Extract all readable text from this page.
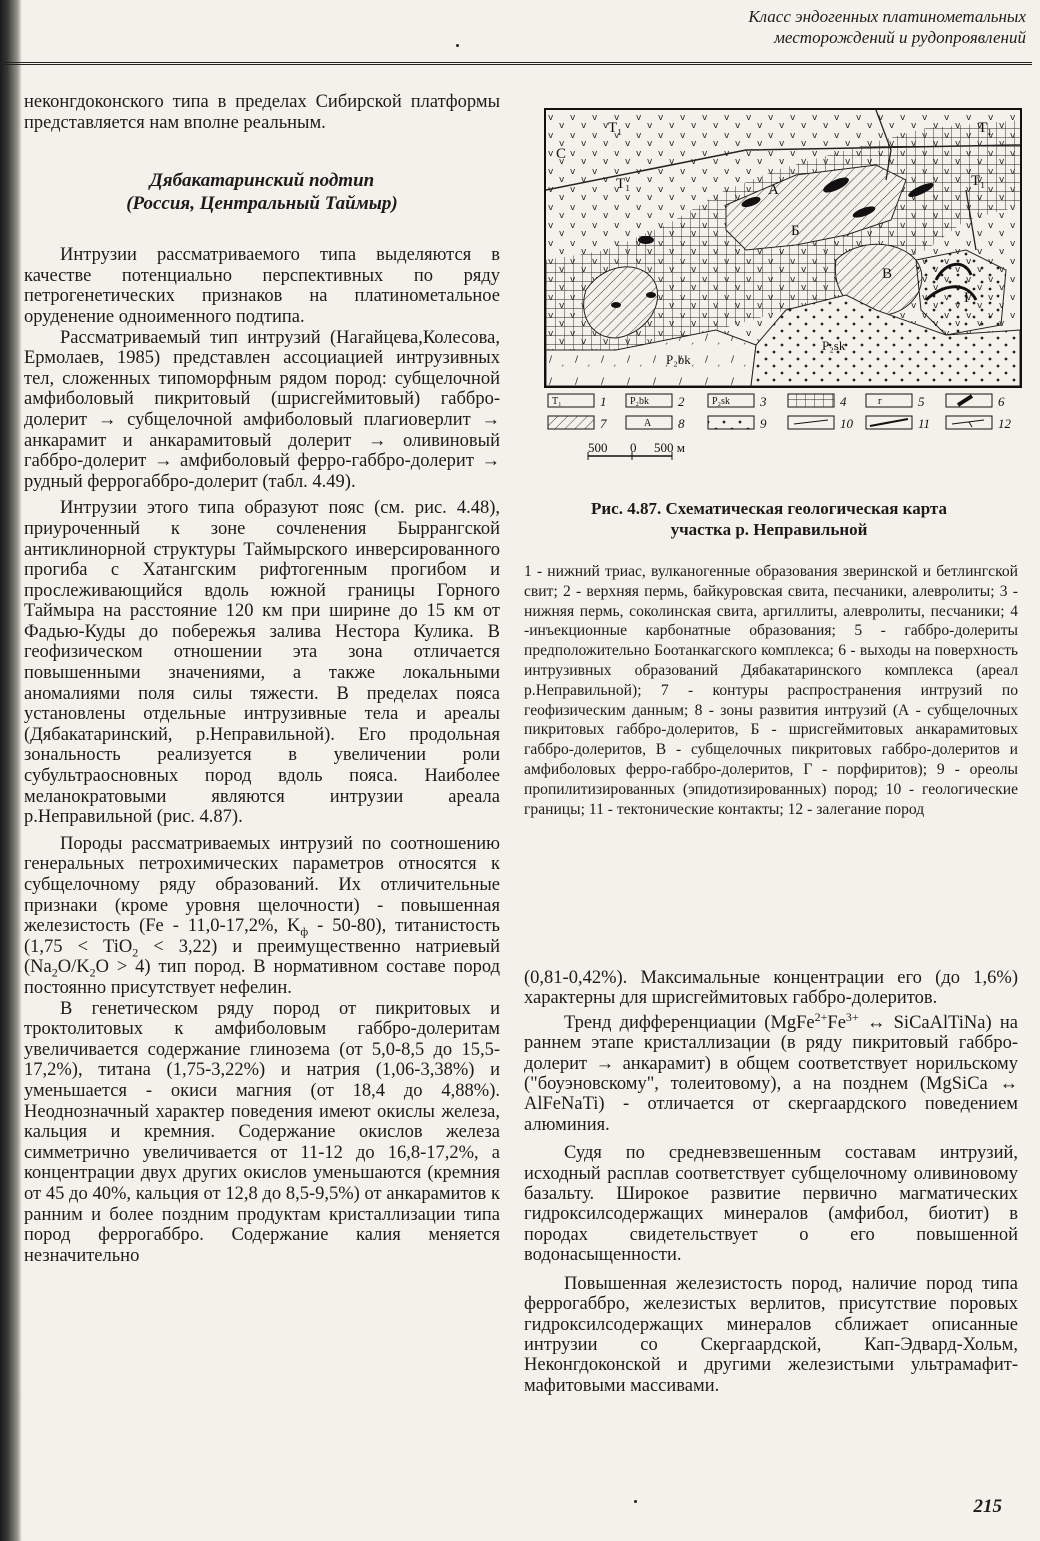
Класс эндогенных платинометальных
месторождений и рудопроявлений

неконгдоконского типа в пределах Сибирской платформы представляется нам вполне реальным.

Дябакатаринский подтип
(Россия, Центральный Таймыр)

Интрузии рассматриваемого типа выделяются в качестве потенциально перспективных по ряду петрогенетических признаков на платинометальное оруденение одноименного подтипа.

Рассматриваемый тип интрузий (Нагайцева,Колесова, Ермолаев, 1985) представлен ассоциацией интрузивных тел, сложенных типоморфным рядом пород: субщелочной амфиболовый пикритовый (шрисгеймитовый) габбро-долерит → субщелочной амфиболовый плагиоверлит → анкарамит и анкарамитовый долерит → оливиновый габбро-долерит → амфиболовый ферро-габбро-долерит → рудный феррогаббро-долерит (табл. 4.49).

Интрузии этого типа образуют пояс (см. рис. 4.48), приуроченный к зоне сочленения Быррангской антиклинорной структуры Таймырского инверсированного прогиба с Хатангским рифтогенным прогибом и прослеживающийся вдоль южной границы Горного Таймыра на расстояние 120 км при ширине до 15 км от Фадью-Куды до побережья залива Нестора Кулика. В геофизическом отношении эта зона отличается повышенными значениями, а также локальными аномалиями поля силы тяжести. В пределах пояса установлены отдельные интрузивные тела и ареалы (Дябакатаринский, р.Неправильной). Его продольная зональность реализуется в увеличении роли субультраосновных пород вдоль пояса. Наиболее меланократовыми являются интрузии ареала р.Неправильной (рис. 4.87).

Породы рассматриваемых интрузий по соотношению генеральных петрохимических параметров относятся к субщелочному ряду образований. Их отличительные признаки (кроме уровня щелочности) - повышенная железистость (Fe - 11,0-17,2%, $K_ф - 50-80$), титанистость (1,75 < TiO$_2$ < 3,22) и преимущественно натриевый $(Na_2O/K_2O > 4)$ тип пород. В нормативном составе пород постоянно присутствует нефелин.

В генетическом ряду пород от пикритовых и троктолитовых к амфиболовым габбро-долеритам увеличивается содержание глинозема (от 5,0-8,5 до 15,5-17,2%), титана (1,75-3,22%) и натрия (1,06-3,38%) и уменьшается - окиси магния (от 18,4 до 4,88%). Неоднозначный характер поведения имеют окислы железа, кальция и кремния. Содержание окислов железа симметрично увеличивается от 11-12 до 16,8-17,2%, а концентрации двух других окислов уменьшаются (кремния от 45 до 40%, кальция от 12,8 до 8,5-9,5%) от анкарамитов к ранним и более поздним продуктам кристаллизации типа пород феррогаббро. Содержание калия меняется незначительно

T₁	T₁
T₁	T₁
C
А
Б
В
Г
P₂bk
P₂sk
T₁	1 P₂bk 2	P₂sk 3	4	г	5	6
7	А 8	9	10	11	12
500 0 500 м
Рис. 4.87. Схематическая геологическая карта
участка р. Неправильной
1 - нижний триас, вулканогенные образования зверинской и бетлингской свит; 2 - верхняя пермь, байкуровская свита, песчаники, алевролиты; 3 - нижняя пермь, соколинская свита, аргиллиты, алевролиты, песчаники; 4 -инъекционные карбонатные образования; 5 - габбро-долериты предположительно Боотанкагского комплекса; 6 - выходы на поверхность интрузивных образований Дябакатаринского комплекса (ареал р.Неправильной); 7 - контуры распространения интрузий по геофизическим данным; 8 - зоны развития интрузий (А - субщелочных пикритовых габбро-долеритов, Б - шрисгеймитовых анкарамитовых габбро-долеритов, В - субщелочных пикритовых габбро-долеритов и амфиболовых ферро-габбро-долеритов, Г - порфиритов); 9 - ореолы пропилитизированных (эпидотизированных) пород; 10 - геологические границы; 11 - тектонические контакты; 12 - залегание пород

(0,81-0,42%). Максимальные концентрации его (до 1,6%) характерны для шрисгеймитовых габбро-долеритов.

Тренд дифференциации ($MgFe^{2+}Fe^{3+}$ ↔ SiCaAlTiNa) на раннем этапе кристаллизации (в ряду пикритовый габбро-долерит → анкарамит) в общем соответствует норильскому ("боуэновскому", толеитовому), а на позднем (MgSiCa ↔ AlFeNaTi) - отличается от скергаардского поведением алюминия.

Судя по средневзвешенным составам интрузий, исходный расплав соответствует субщелочному оливиновому базальту. Широкое развитие первично магматических гидроксилсодержащих минералов (амфибол, биотит) в породах свидетельствует о его повышенной водонасыщенности.

Повышенная железистость пород, наличие пород типа феррогаббро, железистых верлитов, присутствие поровых гидроксилсодержащих минералов сближает описанные интрузии со Скергаардской, Кап-Эдвард-Хольм, Неконгдоконской и другими железистыми ультрамафит-мафитовыми массивами.

215
